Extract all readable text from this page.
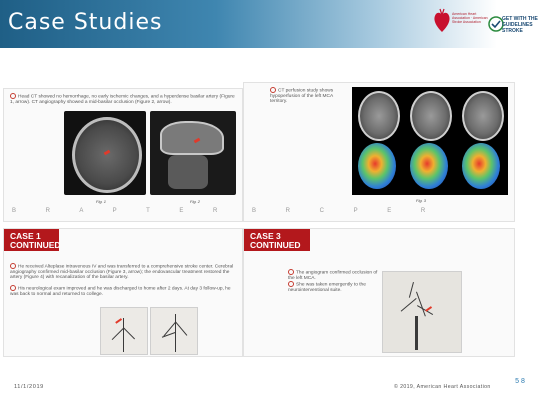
Case Studies	American Heart Association · American Stroke Association	GET WITH THE GUIDELINES STROKE
Head CT showed no hemorrhage, no early ischemic changes, and a hyperdense basilar artery (Figure 1, arrow). CT angiography showed a mid-basilar occlusion (Figure 2, arrow).
Fig. 1	Fig. 2
B R A P T E R
CT perfusion study shows hypoperfusion of the left MCA territory.
Fig. 3
B R C P E R
CASE 1
CONTINUED
He received Alteplase intravenous IV and was transferred to a comprehensive stroke center. Cerebral angiography confirmed mid-basilar occlusion (Figure 3, arrow); the endovascular treatment restored the artery (Figure 4) with recanalization of the basilar artery.
His neurological exam improved and he was discharged to home after 2 days. At day 3 follow-up, he was back to normal and returned to college.
CASE 3
CONTINUED
The angiogram confirmed occlusion of the left MCA.
She was taken emergently to the neurointerventional suite.
11/1/2019	© 2019, American Heart Association
5 8
